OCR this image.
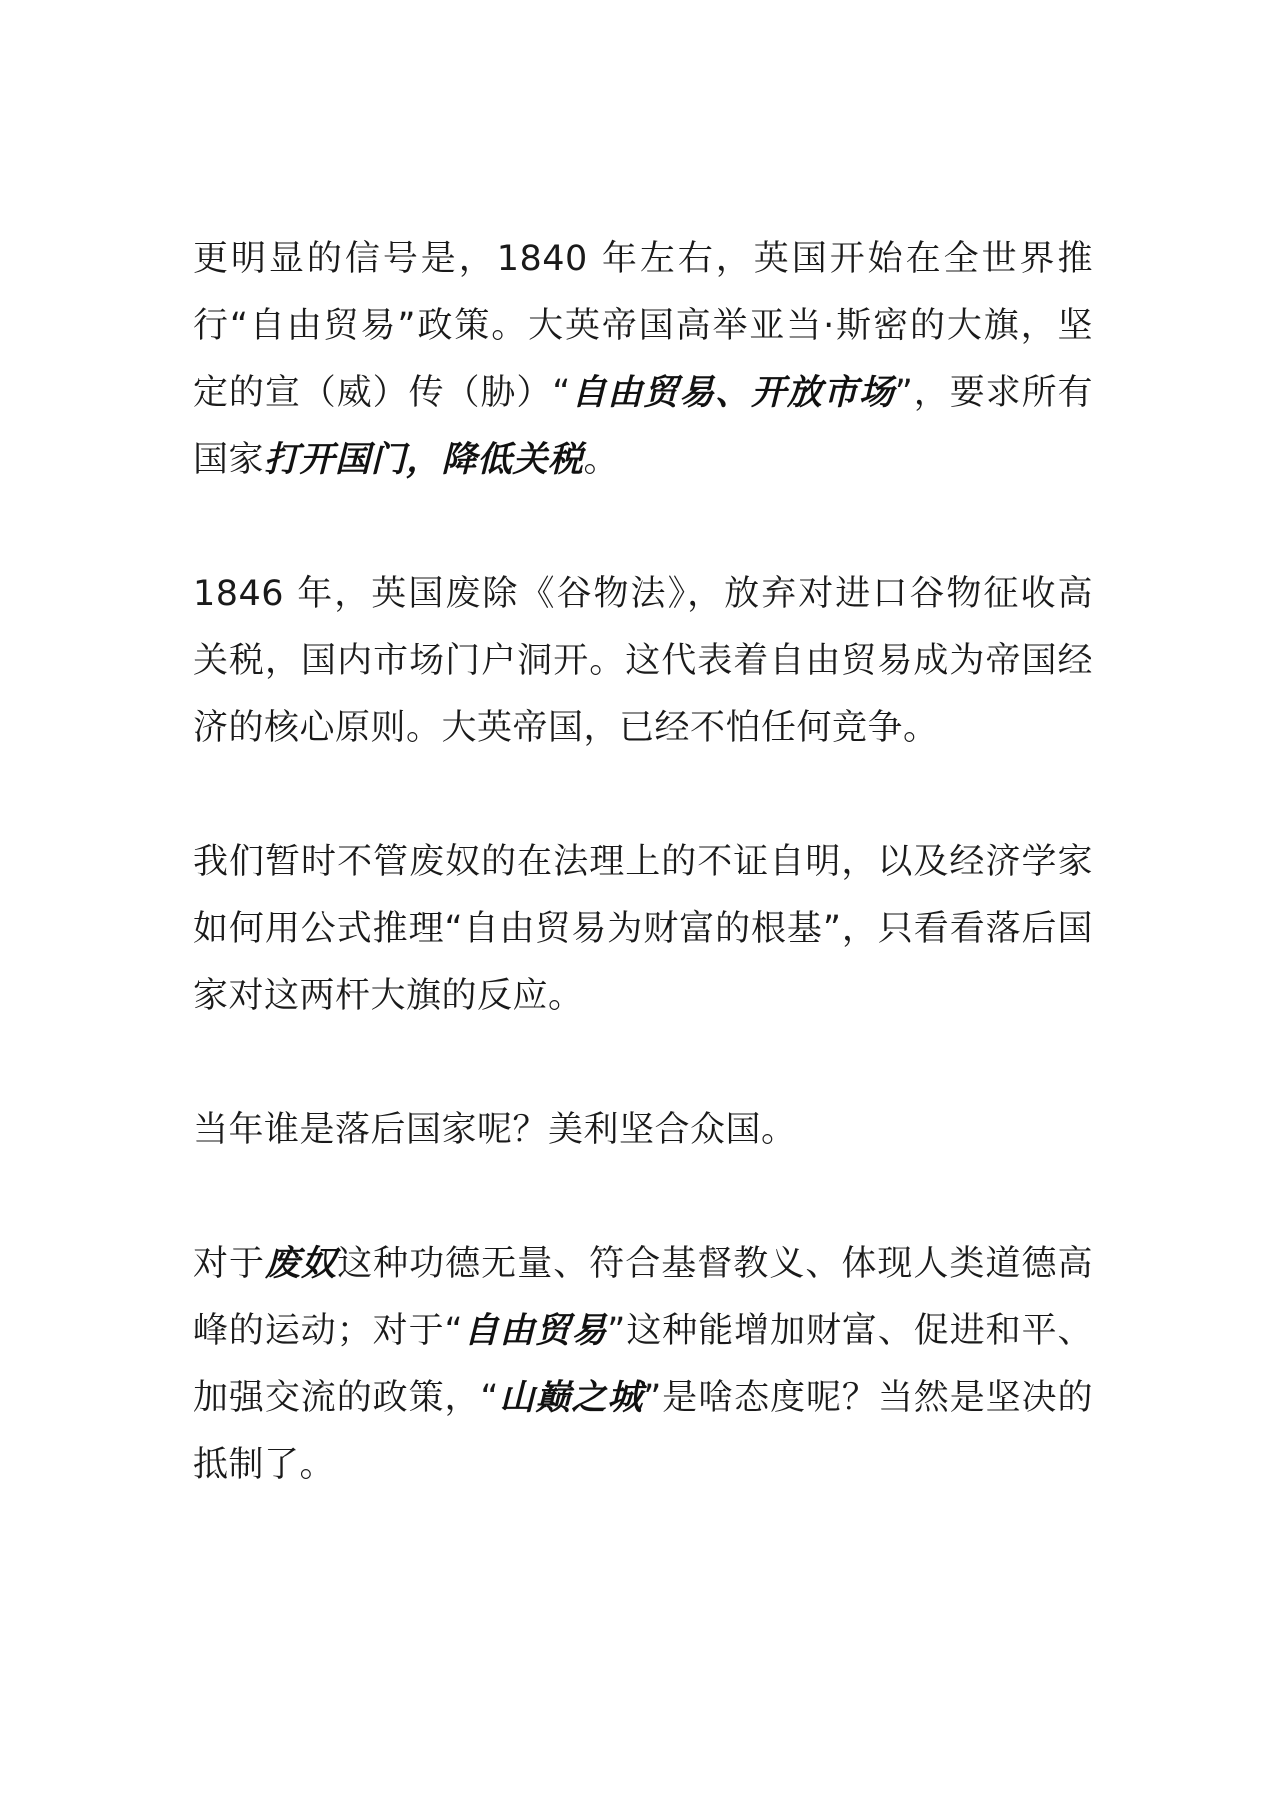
更明显的信号是，1840 年左右，英国开始在全世界推行“自由贸易”政策。大英帝国高举亚当·斯密的大旗，坚定的宣（威）传（胁）“自由贸易、开放市场”，要求所有国家打开国门，降低关税。

1846 年，英国废除《谷物法》，放弃对进口谷物征收高关税，国内市场门户洞开。这代表着自由贸易成为帝国经济的核心原则。大英帝国，已经不怕任何竞争。

我们暂时不管废奴的在法理上的不证自明，以及经济学家如何用公式推理“自由贸易为财富的根基”，只看看落后国家对这两杆大旗的反应。

当年谁是落后国家呢？美利坚合众国。

对于废奴这种功德无量、符合基督教义、体现人类道德高峰的运动；对于“自由贸易”这种能增加财富、促进和平、加强交流的政策，“山巅之城”是啥态度呢？当然是坚决的抵制了。
